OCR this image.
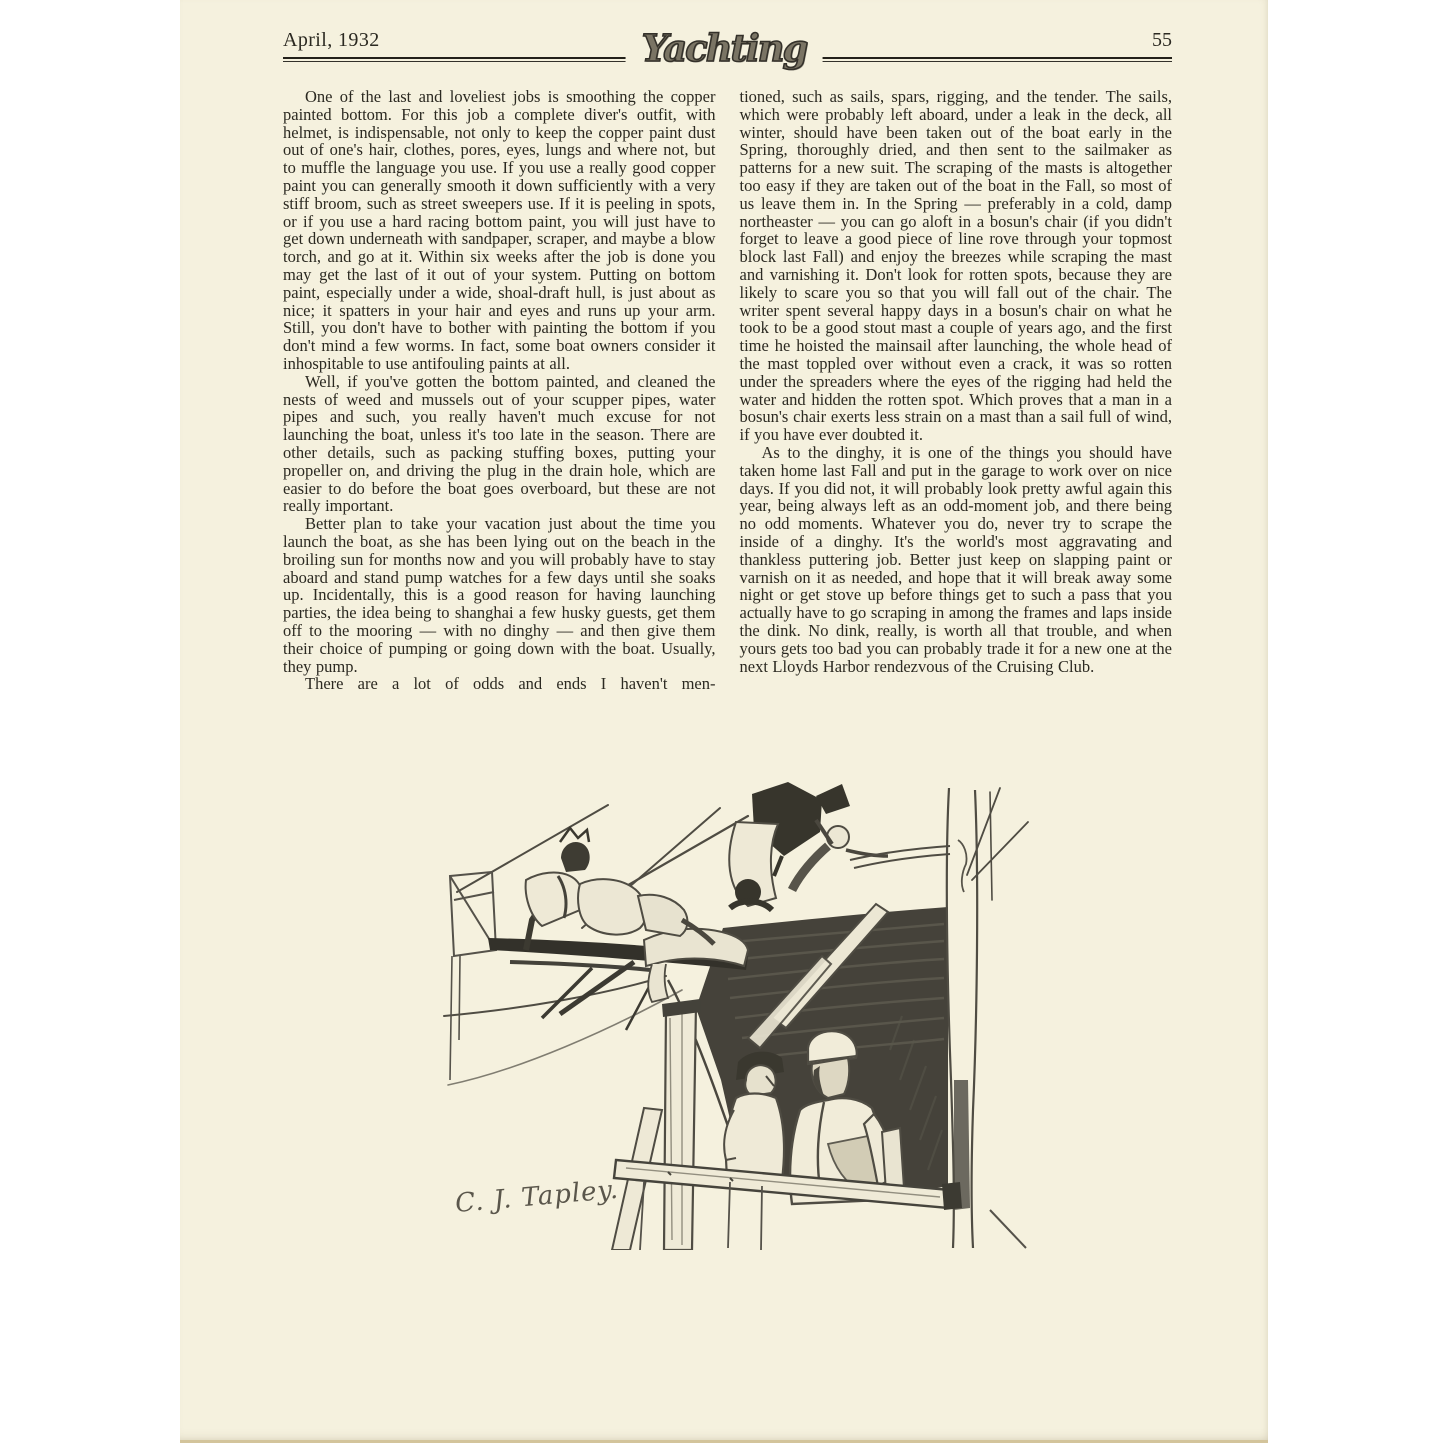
April, 1932	Yachting	55

One of the last and loveliest jobs is smoothing the copper painted bottom. For this job a complete diver's outfit, with helmet, is indispensable, not only to keep the copper paint dust out of one's hair, clothes, pores, eyes, lungs and where not, but to muffle the language you use. If you use a really good copper paint you can generally smooth it down sufficiently with a very stiff broom, such as street sweepers use. If it is peeling in spots, or if you use a hard racing bottom paint, you will just have to get down underneath with sandpaper, scraper, and maybe a blow torch, and go at it. Within six weeks after the job is done you may get the last of it out of your system. Putting on bottom paint, especially under a wide, shoal-draft hull, is just about as nice; it spatters in your hair and eyes and runs up your arm. Still, you don't have to bother with painting the bottom if you don't mind a few worms. In fact, some boat owners consider it inhospitable to use antifouling paints at all.

Well, if you've gotten the bottom painted, and cleaned the nests of weed and mussels out of your scupper pipes, water pipes and such, you really haven't much excuse for not launching the boat, unless it's too late in the season. There are other details, such as packing stuffing boxes, putting your propeller on, and driving the plug in the drain hole, which are easier to do before the boat goes overboard, but these are not really important.

Better plan to take your vacation just about the time you launch the boat, as she has been lying out on the beach in the broiling sun for months now and you will probably have to stay aboard and stand pump watches for a few days until she soaks up. Incidentally, this is a good reason for having launching parties, the idea being to shanghai a few husky guests, get them off to the mooring — with no dinghy — and then give them their choice of pumping or going down with the boat. Usually, they pump.

There are a lot of odds and ends I haven't men-

tioned, such as sails, spars, rigging, and the tender. The sails, which were probably left aboard, under a leak in the deck, all winter, should have been taken out of the boat early in the Spring, thoroughly dried, and then sent to the sailmaker as patterns for a new suit. The scraping of the masts is altogether too easy if they are taken out of the boat in the Fall, so most of us leave them in. In the Spring — preferably in a cold, damp northeaster — you can go aloft in a bosun's chair (if you didn't forget to leave a good piece of line rove through your topmost block last Fall) and enjoy the breezes while scraping the mast and varnishing it. Don't look for rotten spots, because they are likely to scare you so that you will fall out of the chair. The writer spent several happy days in a bosun's chair on what he took to be a good stout mast a couple of years ago, and the first time he hoisted the mainsail after launching, the whole head of the mast toppled over without even a crack, it was so rotten under the spreaders where the eyes of the rigging had held the water and hidden the rotten spot. Which proves that a man in a bosun's chair exerts less strain on a mast than a sail full of wind, if you have ever doubted it.

As to the dinghy, it is one of the things you should have taken home last Fall and put in the garage to work over on nice days. If you did not, it will probably look pretty awful again this year, being always left as an odd-moment job, and there being no odd moments. Whatever you do, never try to scrape the inside of a dinghy. It's the world's most aggravating and thankless puttering job. Better just keep on slapping paint or varnish on it as needed, and hope that it will break away some night or get stove up before things get to such a pass that you actually have to go scraping in among the frames and laps inside the dink. No dink, really, is worth all that trouble, and when yours gets too bad you can probably trade it for a new one at the next Lloyds Harbor rendezvous of the Cruising Club.

C. J. Tapley.
